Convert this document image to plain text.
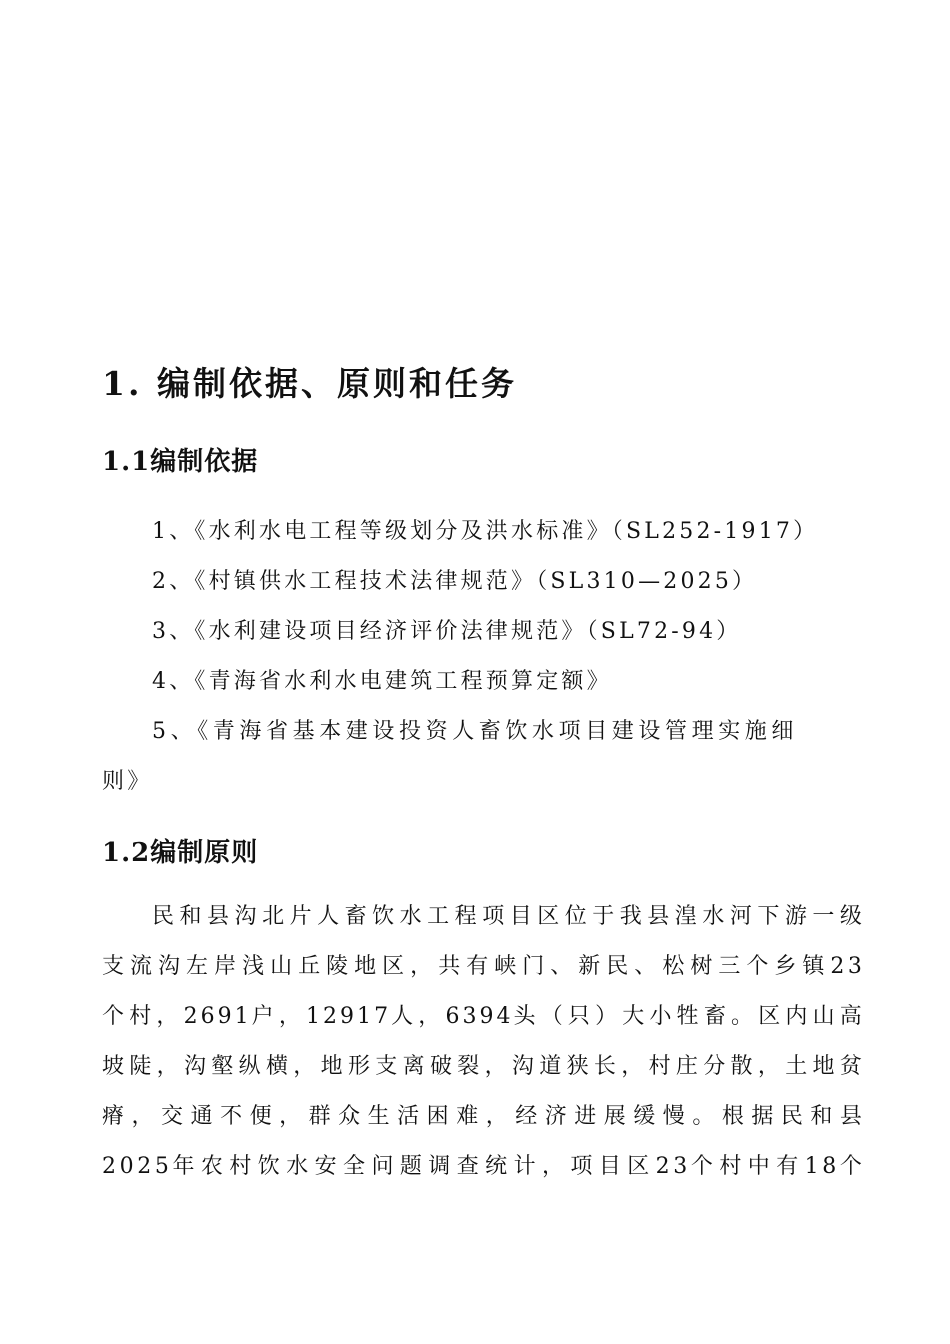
1. 编制依据、原则和任务
1.1编制依据
1、《水利水电工程等级划分及洪水标准》（SL252-1917）
2、《村镇供水工程技术法律规范》（SL310—2025）
3、《水利建设项目经济评价法律规范》（SL72-94）
4、《青海省水利水电建筑工程预算定额》
5、《青海省基本建设投资人畜饮水项目建设管理实施细
则》
1.2编制原则
民 和 县 沟 北 片 人 畜 饮 水 工 程 项 目 区 位 于 我 县 湟 水 河 下 游 一 级
支 流 沟 左 岸 浅 山 丘 陵 地 区 ， 共 有 峡 门 、 新 民 、 松 树 三 个 乡 镇 2 3
个 村 ， 2 6 9 1 户 ， 1 2 9 1 7 人 ， 6 3 9 4 头 （ 只 ） 大 小 牲 畜 。 区 内 山 高
坡 陡 ， 沟 壑 纵 横 ， 地 形 支 离 破 裂 ， 沟 道 狭 长 ， 村 庄 分 散 ， 土 地 贫
瘠 ， 交 通 不 便 ， 群 众 生 活 困 难 ， 经 济 进 展 缓 慢 。 根 据 民 和 县
2 0 2 5 年 农 村 饮 水 安 全 问 题 调 查 统 计 ， 项 目 区 2 3 个 村 中 有 1 8 个
